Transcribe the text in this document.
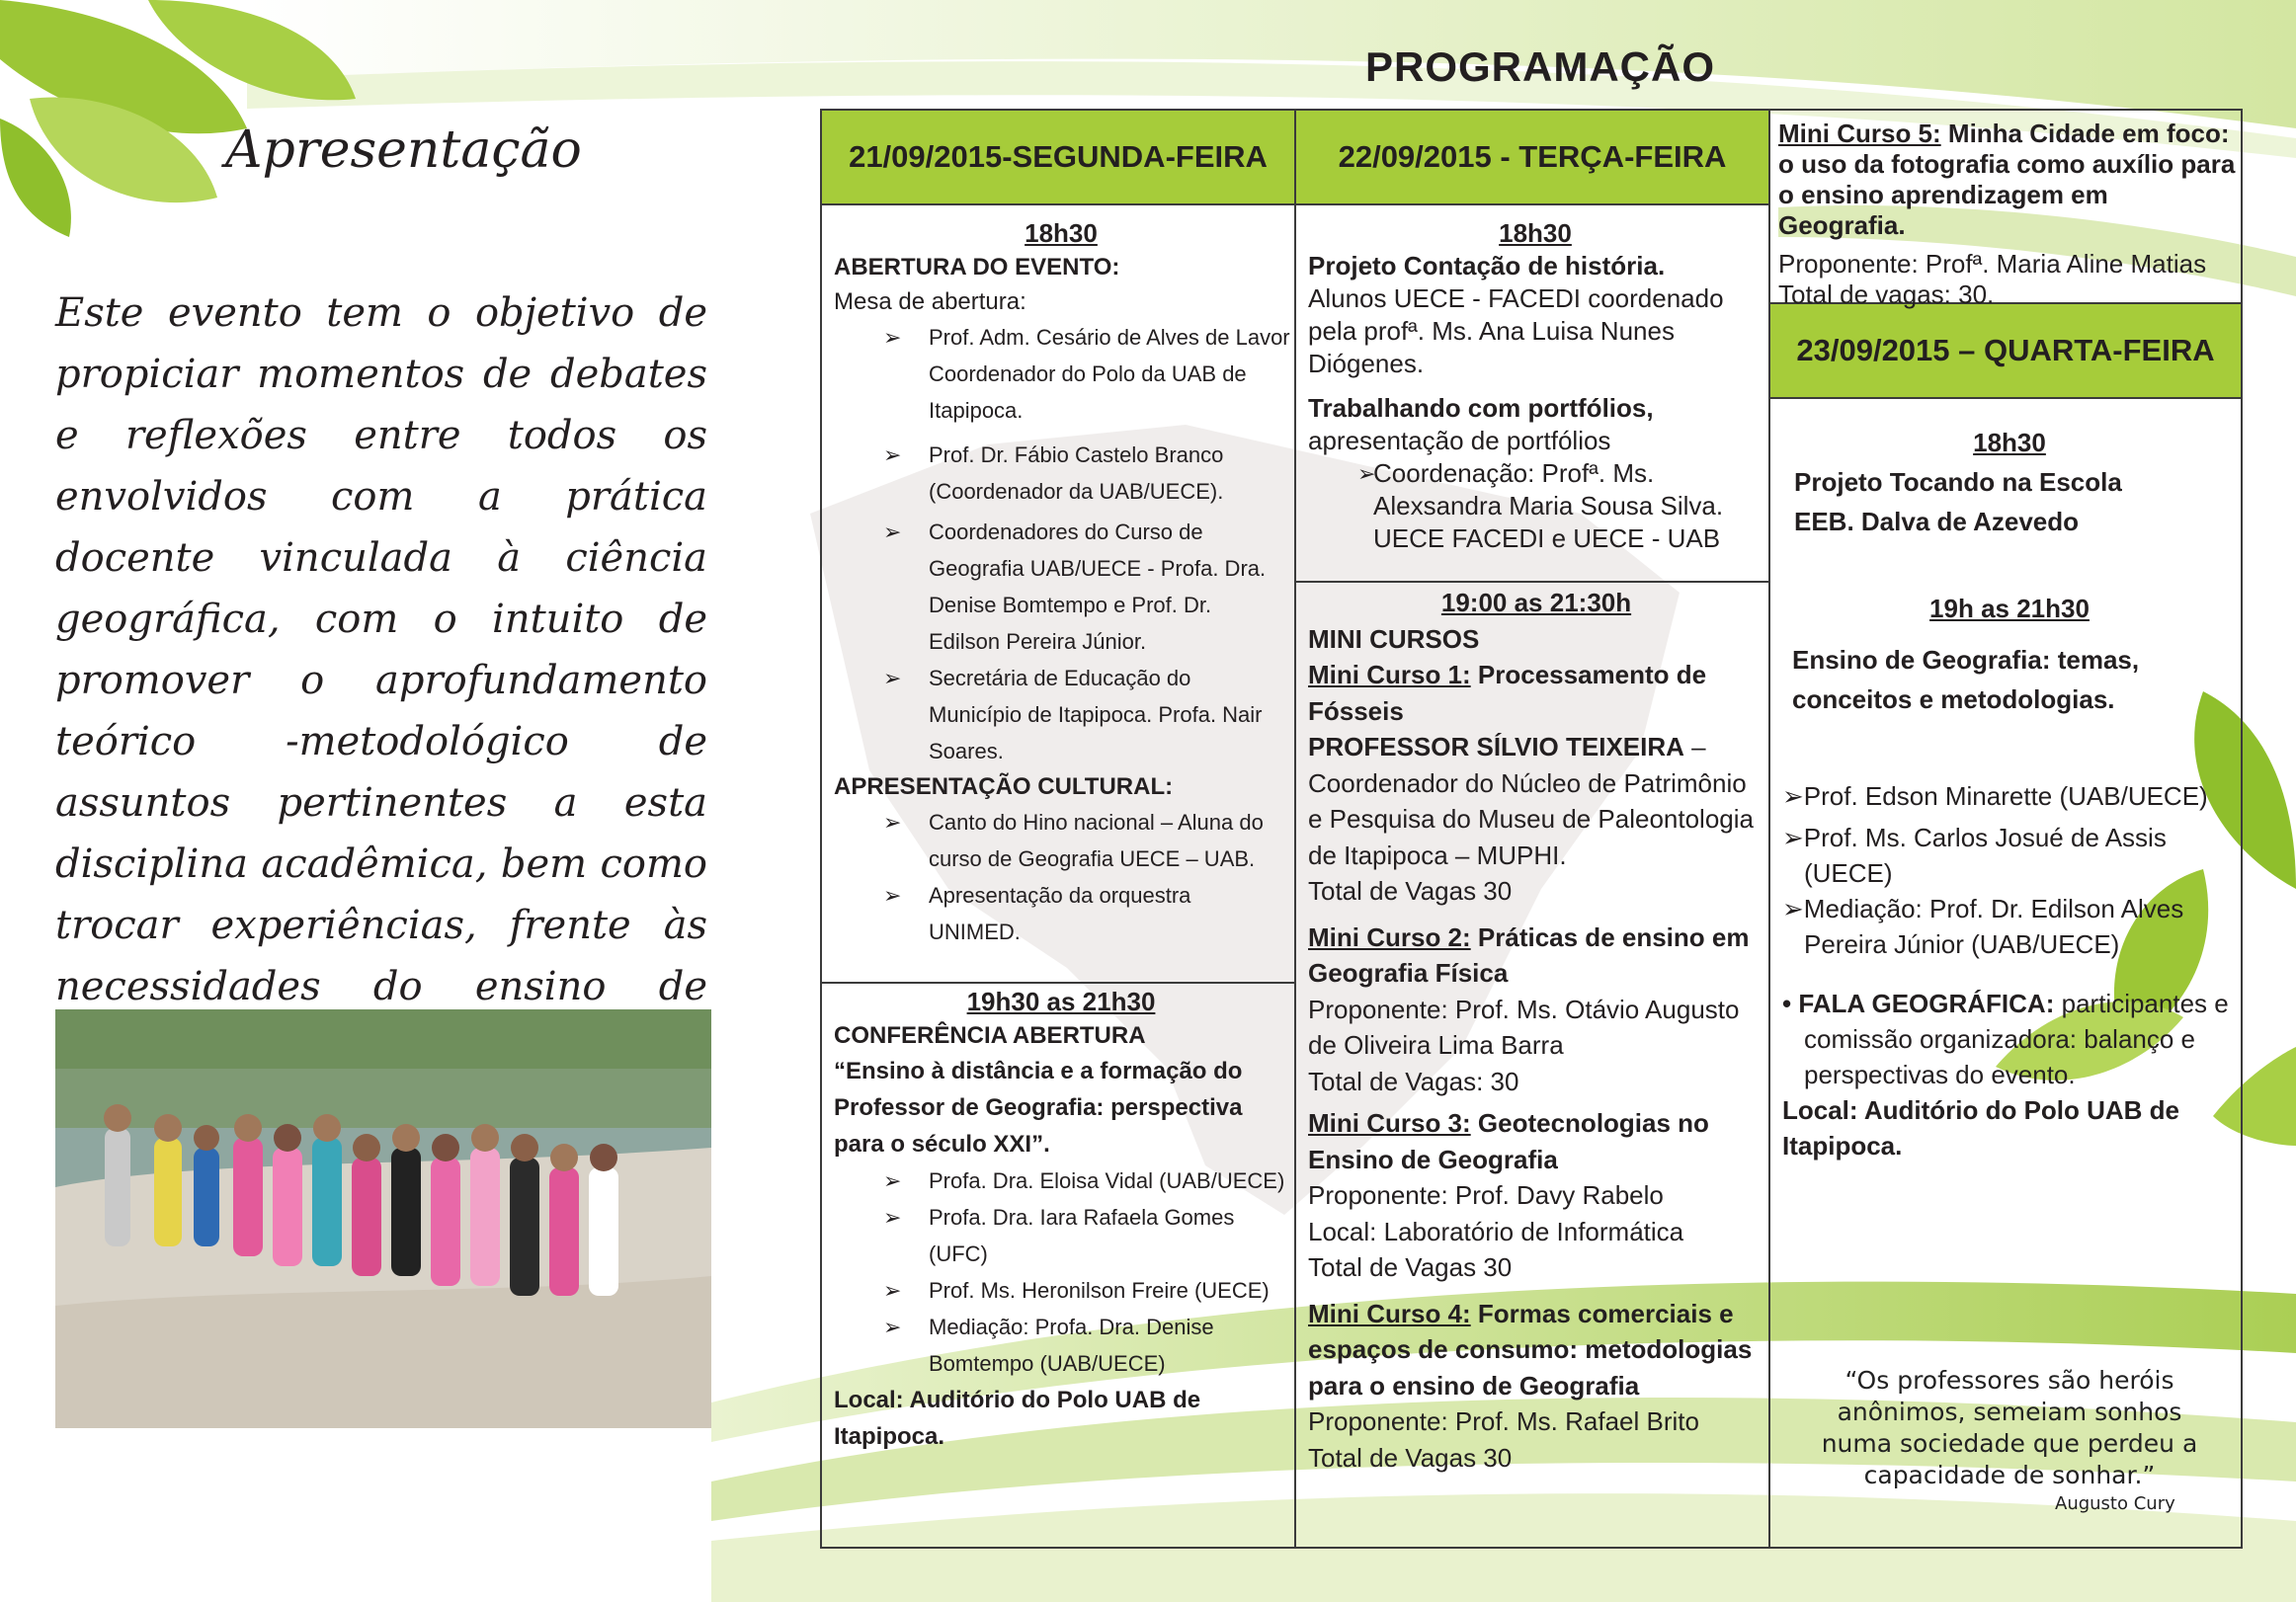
PROGRAMAÇÃO
Apresentação
Este evento tem o objetivo de propiciar momentos de debates e reflexões entre todos os envolvidos com a prática docente vinculada à ciência geográfica, com o intuito de promover o aprofundamento teórico -metodológico de assuntos pertinentes a esta disciplina acadêmica, bem como trocar experiências, frente às necessidades do ensino de
21/09/2015-SEGUNDA-FEIRA	22/09/2015 - TERÇA-FEIRA
23/09/2015 – QUARTA-FEIRA
18h30
ABERTURA DO EVENTO:
Mesa de abertura:
➢ Prof. Adm. Cesário de Alves de Lavor Coordenador do Polo da UAB de Itapipoca.
➢ Prof. Dr. Fábio Castelo Branco (Coordenador da UAB/UECE).
➢ Coordenadores do Curso de Geografia UAB/UECE - Profa. Dra. Denise Bomtempo e Prof. Dr. Edilson Pereira Júnior.
➢ Secretária de Educação do Município de Itapipoca. Profa. Nair Soares.
APRESENTAÇÃO CULTURAL:
➢ Canto do Hino nacional – Aluna do curso de Geografia UECE – UAB.
➢ Apresentação da orquestra UNIMED.
19h30 as 21h30
CONFERÊNCIA ABERTURA
“Ensino à distância e a formação do Professor de Geografia: perspectiva para o século XXI”.
➢ Profa. Dra. Eloisa Vidal (UAB/UECE)
➢ Profa. Dra. Iara Rafaela Gomes (UFC)
➢ Prof. Ms. Heronilson Freire (UECE)
➢ Mediação: Profa. Dra. Denise Bomtempo (UAB/UECE)
Local: Auditório do Polo UAB de Itapipoca.
18h30
Projeto Contação de história.
Alunos UECE - FACEDI coordenado pela profª. Ms. Ana Luisa Nunes Diógenes.
Trabalhando com portfólios,
apresentação de portfólios
➢ Coordenação: Profª. Ms. Alexsandra Maria Sousa Silva. UECE FACEDI e UECE - UAB
19:00 as 21:30h
MINI CURSOS
Mini Curso 1: Processamento de Fósseis
PROFESSOR SÍLVIO TEIXEIRA – Coordenador do Núcleo de Patrimônio e Pesquisa do Museu de Paleontologia de Itapipoca – MUPHI.
Total de Vagas 30
Mini Curso 2: Práticas de ensino em Geografia Física
Proponente: Prof. Ms. Otávio Augusto de Oliveira Lima Barra
Total de Vagas: 30
Mini Curso 3: Geotecnologias no Ensino de Geografia
Proponente: Prof. Davy Rabelo
Local: Laboratório de Informática
Total de Vagas 30
Mini Curso 4: Formas comerciais e espaços de consumo: metodologias para o ensino de Geografia
Proponente: Prof. Ms. Rafael Brito
Total de Vagas 30
Mini Curso 5: Minha Cidade em foco: o uso da fotografia como auxílio para o ensino aprendizagem em Geografia.
Proponente: Profª. Maria Aline Matias
Total de vagas: 30.
18h30
Projeto Tocando na Escola
EEB. Dalva de Azevedo
19h as 21h30
Ensino de Geografia: temas, conceitos e metodologias.
➢Prof. Edson Minarette (UAB/UECE)
➢Prof. Ms. Carlos Josué de Assis (UECE)
➢Mediação: Prof. Dr. Edilson Alves Pereira Júnior (UAB/UECE)
• FALA GEOGRÁFICA: participantes e comissão organizadora: balanço e perspectivas do evento.
Local: Auditório do Polo UAB de Itapipoca.
“Os professores são heróis anônimos, semeiam sonhos numa sociedade que perdeu a capacidade de sonhar.”
Augusto Cury
